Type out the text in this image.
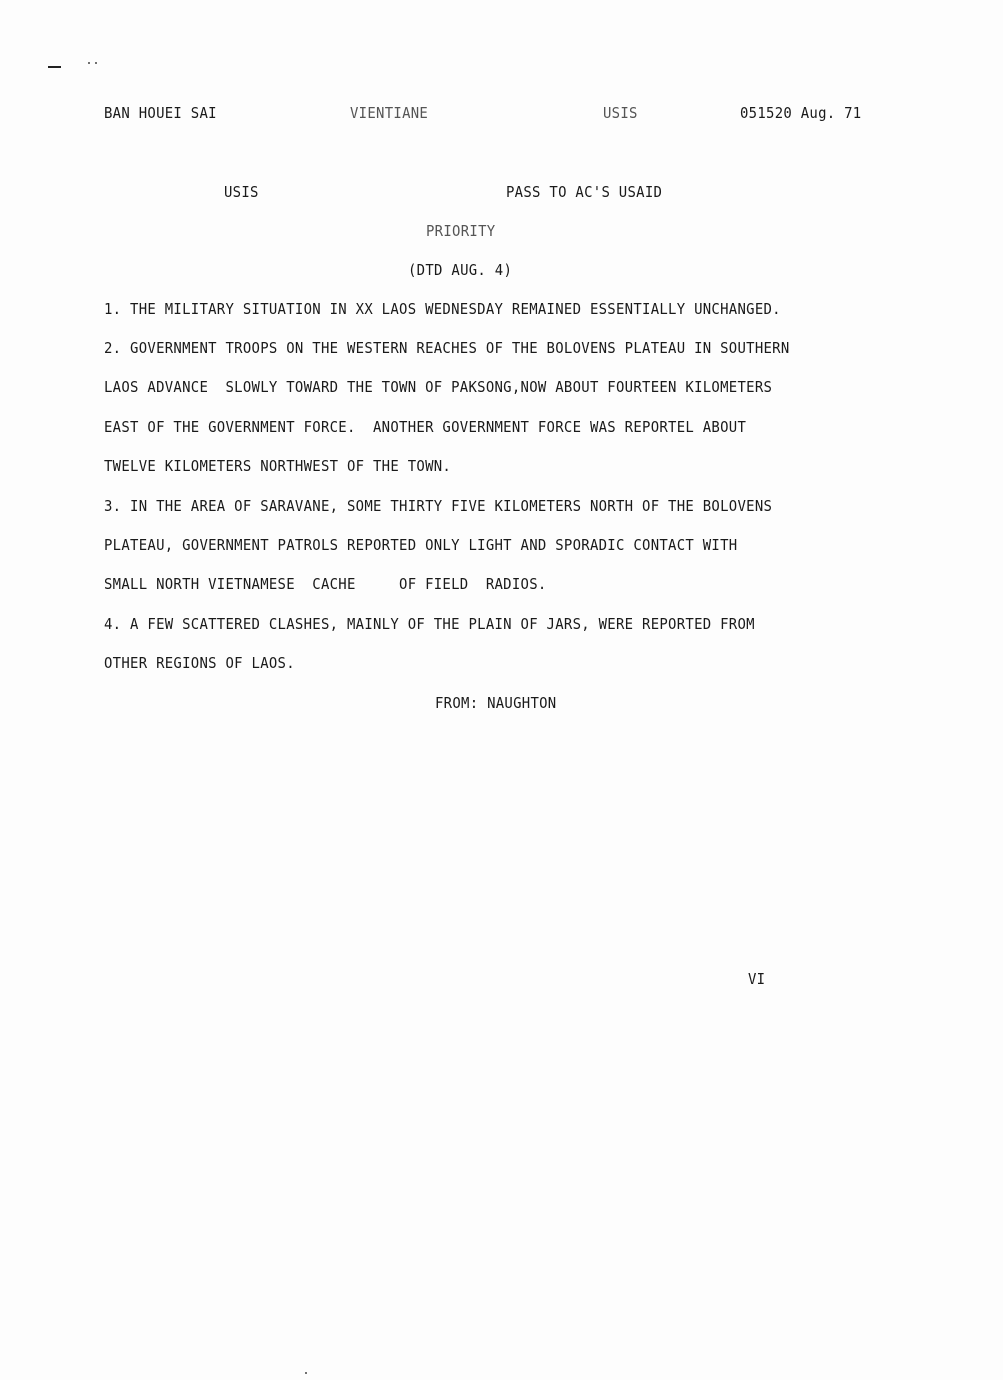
BAN HOUEI SAI	VIENTIANE	USIS	051520 Aug. 71
USIS	PASS TO AC'S USAID
PRIORITY
(DTD AUG. 4)
1. THE MILITARY SITUATION IN XX LAOS WEDNESDAY REMAINED ESSENTIALLY UNCHANGED.
2. GOVERNMENT TROOPS ON THE WESTERN REACHES OF THE BOLOVENS PLATEAU IN SOUTHERN
LAOS ADVANCE  SLOWLY TOWARD THE TOWN OF PAKSONG,NOW ABOUT FOURTEEN KILOMETERS
EAST OF THE GOVERNMENT FORCE.  ANOTHER GOVERNMENT FORCE WAS REPORTEL ABOUT
TWELVE KILOMETERS NORTHWEST OF THE TOWN.
3. IN THE AREA OF SARAVANE, SOME THIRTY FIVE KILOMETERS NORTH OF THE BOLOVENS
PLATEAU, GOVERNMENT PATROLS REPORTED ONLY LIGHT AND SPORADIC CONTACT WITH
SMALL NORTH VIETNAMESE  CACHE     OF FIELD  RADIOS.
4. A FEW SCATTERED CLASHES, MAINLY OF THE PLAIN OF JARS, WERE REPORTED FROM
OTHER REGIONS OF LAOS.
FROM: NAUGHTON
VI
